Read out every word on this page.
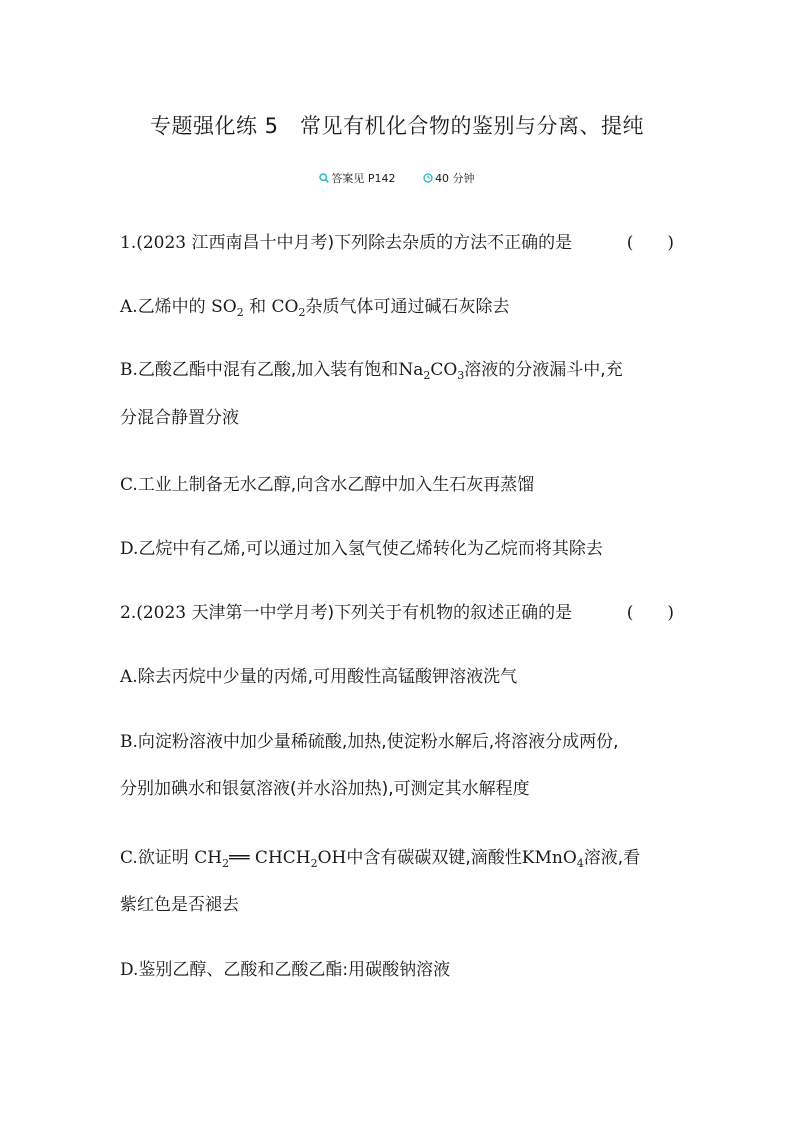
专题强化练 5　常见有机化合物的鉴别与分离、提纯
答案见 P142	40 分钟
1.(2023 江西南昌十中月考)下列除去杂质的方法不正确的是	(　　)
A.乙烯中的 $SO_2$ 和 $CO_2$杂质气体可通过碱石灰除去
B.乙酸乙酯中混有乙酸,加入装有饱和$Na_2CO_3$溶液的分液漏斗中,充
分混合静置分液
C.工业上制备无水乙醇,向含水乙醇中加入生石灰再蒸馏
D.乙烷中有乙烯,可以通过加入氢气使乙烯转化为乙烷而将其除去
2.(2023 天津第一中学月考)下列关于有机物的叙述正确的是	(　　)
A.除去丙烷中少量的丙烯,可用酸性高锰酸钾溶液洗气
B.向淀粉溶液中加少量稀硫酸,加热,使淀粉水解后,将溶液分成两份,
分别加碘水和银氨溶液(并水浴加热),可测定其水解程度
C.欲证明 $CH_2══$ $CHCH_2OH$中含有碳碳双键,滴酸性KMnO$_4$溶液,看
紫红色是否褪去
D.鉴别乙醇、乙酸和乙酸乙酯:用碳酸钠溶液
